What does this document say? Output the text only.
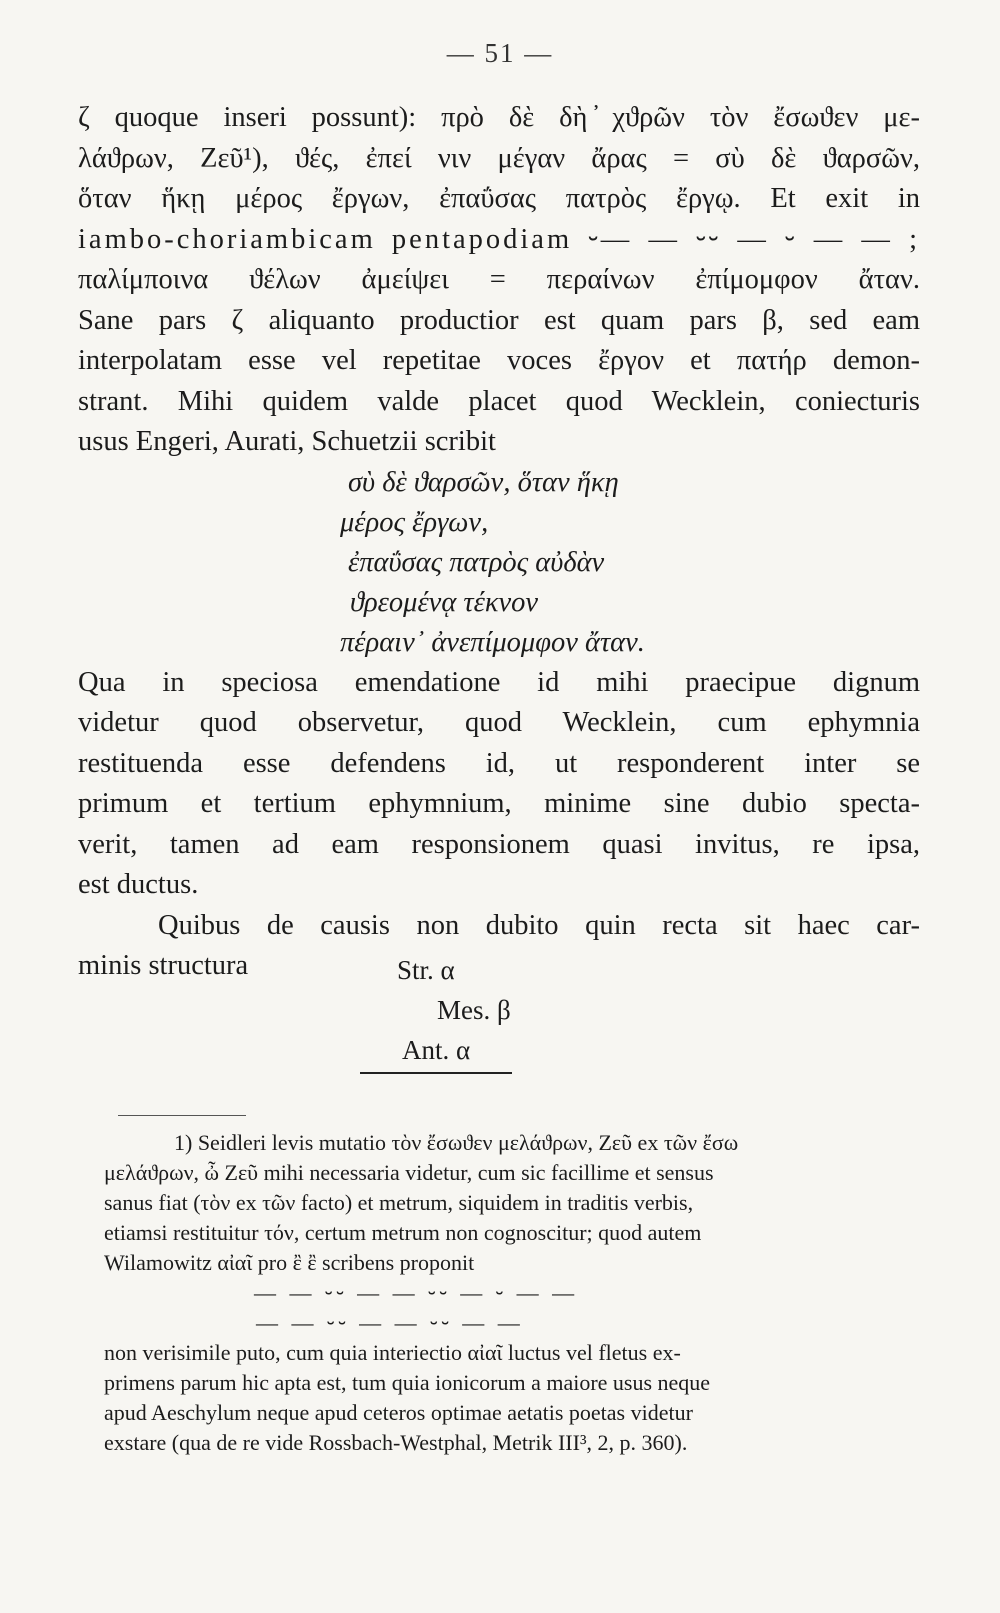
— 51 —
ζ quoque inseri possunt): πρὸ δὲ δὴ ̕χϑρῶν τὸν ἔσωϑεν με-
λάϑρων, Ζεῦ¹), ϑές, ἐπεί νιν μέγαν ἄρας = σὺ δὲ ϑαρσῶν,
ὅταν ἥκῃ μέρος ἔργων, ἐπαΰσας πατρὸς ἔργῳ. Et exit in
iambo-choriambicam pentapodiam ⏑— — ⏑⏑ — ⏑ — — ;
παλίμποινα ϑέλων ἀμείψει = περαίνων ἐπίμομφον ἄταν.
Sane pars ζ aliquanto productior est quam pars β, sed eam
interpolatam esse vel repetitae voces ἔργον et πατήρ demon-
strant. Mihi quidem valde placet quod Wecklein, coniecturis
usus Engeri, Aurati, Schuetzii scribit
σὺ δὲ ϑαρσῶν, ὅταν ἥκῃ
μέρος ἔργων,
ἐπαΰσας πατρὸς αὐδὰν
ϑρεομένᾳ τέκνον
πέραιν᾽ ἀνεπίμομφον ἄταν.
Qua in speciosa emendatione id mihi praecipue dignum
videtur quod observetur, quod Wecklein, cum ephymnia
restituenda esse defendens id, ut responderent inter se
primum et tertium ephymnium, minime sine dubio specta-
verit, tamen ad eam responsionem quasi invitus, re ipsa,
est ductus.
Quibus de causis non dubito quin recta sit haec car-
minis structura	Str. α
Mes. β
Ant. α
1) Seidleri levis mutatio τὸν ἔσωϑεν μελάϑρων, Ζεῦ ex τῶν ἔσω
μελάϑρων, ὦ Ζεῦ mihi necessaria videtur, cum sic facillime et sensus
sanus fiat (τὸν ex τῶν facto) et metrum, siquidem in traditis verbis,
etiamsi restituitur τόν, certum metrum non cognoscitur; quod autem
Wilamowitz αἰαῖ pro ἒ ἒ scribens proponit
— — ⏑⏑ — — ⏑⏑ — ⏑ — —
— — ⏑⏑ — — ⏑⏑ — —
non verisimile puto, cum quia interiectio αἰαῖ luctus vel fletus ex-
primens parum hic apta est, tum quia ionicorum a maiore usus neque
apud Aeschylum neque apud ceteros optimae aetatis poetas videtur
exstare (qua de re vide Rossbach-Westphal, Metrik III³, 2, p. 360).
